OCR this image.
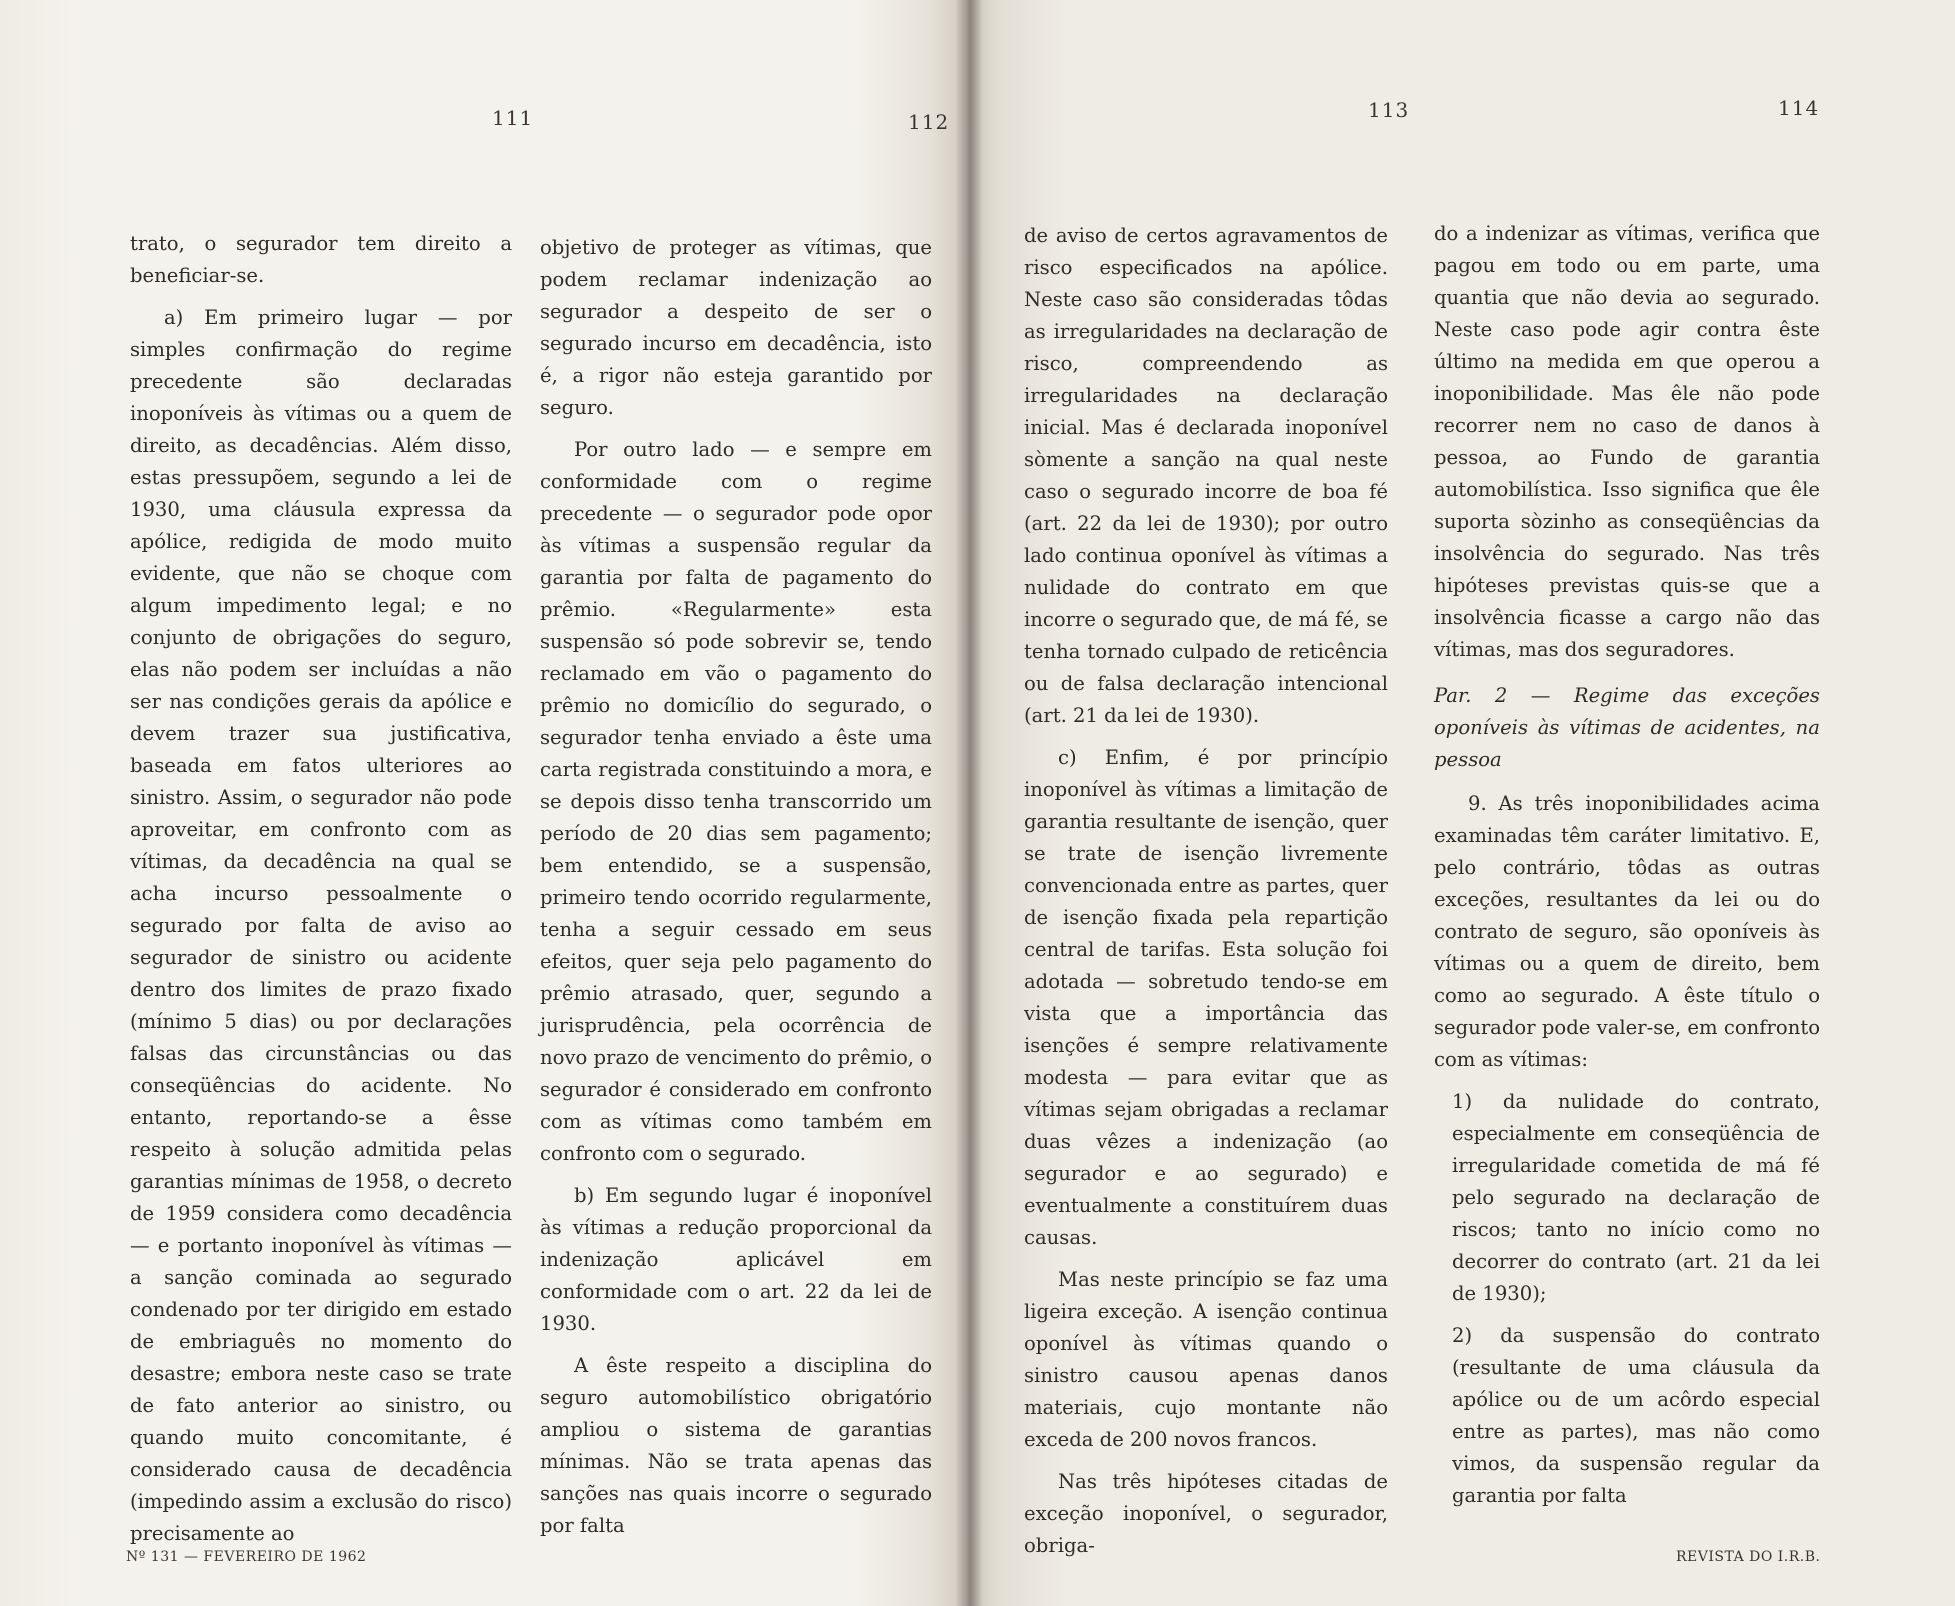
111	112

trato, o segurador tem direito a beneficiar-se.

a) Em primeiro lugar — por simples confirmação do regime precedente são declaradas inoponíveis às vítimas ou a quem de direito, as decadências. Além disso, estas pressupõem, segundo a lei de 1930, uma cláusula expressa da apólice, redigida de modo muito evidente, que não se choque com algum impedimento legal; e no conjunto de obrigações do seguro, elas não podem ser incluídas a não ser nas condições gerais da apólice e devem trazer sua justificativa, baseada em fatos ulteriores ao sinistro. Assim, o segurador não pode aproveitar, em confronto com as vítimas, da decadência na qual se acha incurso pessoalmente o segurado por falta de aviso ao segurador de sinistro ou acidente dentro dos limites de prazo fixado (mínimo 5 dias) ou por declarações falsas das circunstâncias ou das conseqüências do acidente. No entanto, reportando-se a êsse respeito à solução admitida pelas garantias mínimas de 1958, o decreto de 1959 considera como decadência — e portanto inoponível às vítimas — a sanção cominada ao segurado condenado por ter dirigido em estado de embriaguês no momento do desastre; embora neste caso se trate de fato anterior ao sinistro, ou quando muito concomitante, é considerado causa de decadência (impedindo assim a exclusão do risco) precisamente ao

objetivo de proteger as vítimas, que podem reclamar indenização ao segurador a despeito de ser o segurado incurso em decadência, isto é, a rigor não esteja garantido por seguro.

Por outro lado — e sempre em conformidade com o regime precedente — o segurador pode opor às vítimas a suspensão regular da garantia por falta de pagamento do prêmio. «Regularmente» esta suspensão só pode sobrevir se, tendo reclamado em vão o pagamento do prêmio no domicílio do segurado, o segurador tenha enviado a êste uma carta registrada constituindo a mora, e se depois disso tenha transcorrido um período de 20 dias sem pagamento; bem entendido, se a suspensão, primeiro tendo ocorrido regularmente, tenha a seguir cessado em seus efeitos, quer seja pelo pagamento do prêmio atrasado, quer, segundo a jurisprudência, pela ocorrência de novo prazo de vencimento do prêmio, o segurador é considerado em confronto com as vítimas como também em confronto com o segurado.

b) Em segundo lugar é inoponível às vítimas a redução proporcional da indenização aplicável em conformidade com o art. 22 da lei de 1930.

A êste respeito a disciplina do seguro automobilístico obrigatório ampliou o sistema de garantias mínimas. Não se trata apenas das sanções nas quais incorre o segurado por falta

Nº 131 — FEVEREIRO DE 1962
113	114

de aviso de certos agravamentos de risco especificados na apólice. Neste caso são consideradas tôdas as irregularidades na declaração de risco, compreendendo as irregularidades na declaração inicial. Mas é declarada inoponível sòmente a sanção na qual neste caso o segurado incorre de boa fé (art. 22 da lei de 1930); por outro lado continua oponível às vítimas a nulidade do contrato em que incorre o segurado que, de má fé, se tenha tornado culpado de reticência ou de falsa declaração intencional (art. 21 da lei de 1930).

c) Enfim, é por princípio inoponível às vítimas a limitação de garantia resultante de isenção, quer se trate de isenção livremente convencionada entre as partes, quer de isenção fixada pela repartição central de tarifas. Esta solução foi adotada — sobretudo tendo-se em vista que a importância das isenções é sempre relativamente modesta — para evitar que as vítimas sejam obrigadas a reclamar duas vêzes a indenização (ao segurador e ao segurado) e eventualmente a constituírem duas causas.

Mas neste princípio se faz uma ligeira exceção. A isenção continua oponível às vítimas quando o sinistro causou apenas danos materiais, cujo montante não exceda de 200 novos francos.

Nas três hipóteses citadas de exceção inoponível, o segurador, obriga-

do a indenizar as vítimas, verifica que pagou em todo ou em parte, uma quantia que não devia ao segurado. Neste caso pode agir contra êste último na medida em que operou a inoponibilidade. Mas êle não pode recorrer nem no caso de danos à pessoa, ao Fundo de garantia automobilística. Isso significa que êle suporta sòzinho as conseqüências da insolvência do segurado. Nas três hipóteses previstas quis-se que a insolvência ficasse a cargo não das vítimas, mas dos seguradores.

Par. 2 — Regime das exceções oponíveis às vítimas de acidentes, na pessoa

9. As três inoponibilidades acima examinadas têm caráter limitativo. E, pelo contrário, tôdas as outras exceções, resultantes da lei ou do contrato de seguro, são oponíveis às vítimas ou a quem de direito, bem como ao segurado. A êste título o segurador pode valer-se, em confronto com as vítimas:

1) da nulidade do contrato, especialmente em conseqüência de irregularidade cometida de má fé pelo segurado na declaração de riscos; tanto no início como no decorrer do contrato (art. 21 da lei de 1930);

2) da suspensão do contrato (resultante de uma cláusula da apólice ou de um acôrdo especial entre as partes), mas não como vimos, da suspensão regular da garantia por falta

REVISTA DO I.R.B.
